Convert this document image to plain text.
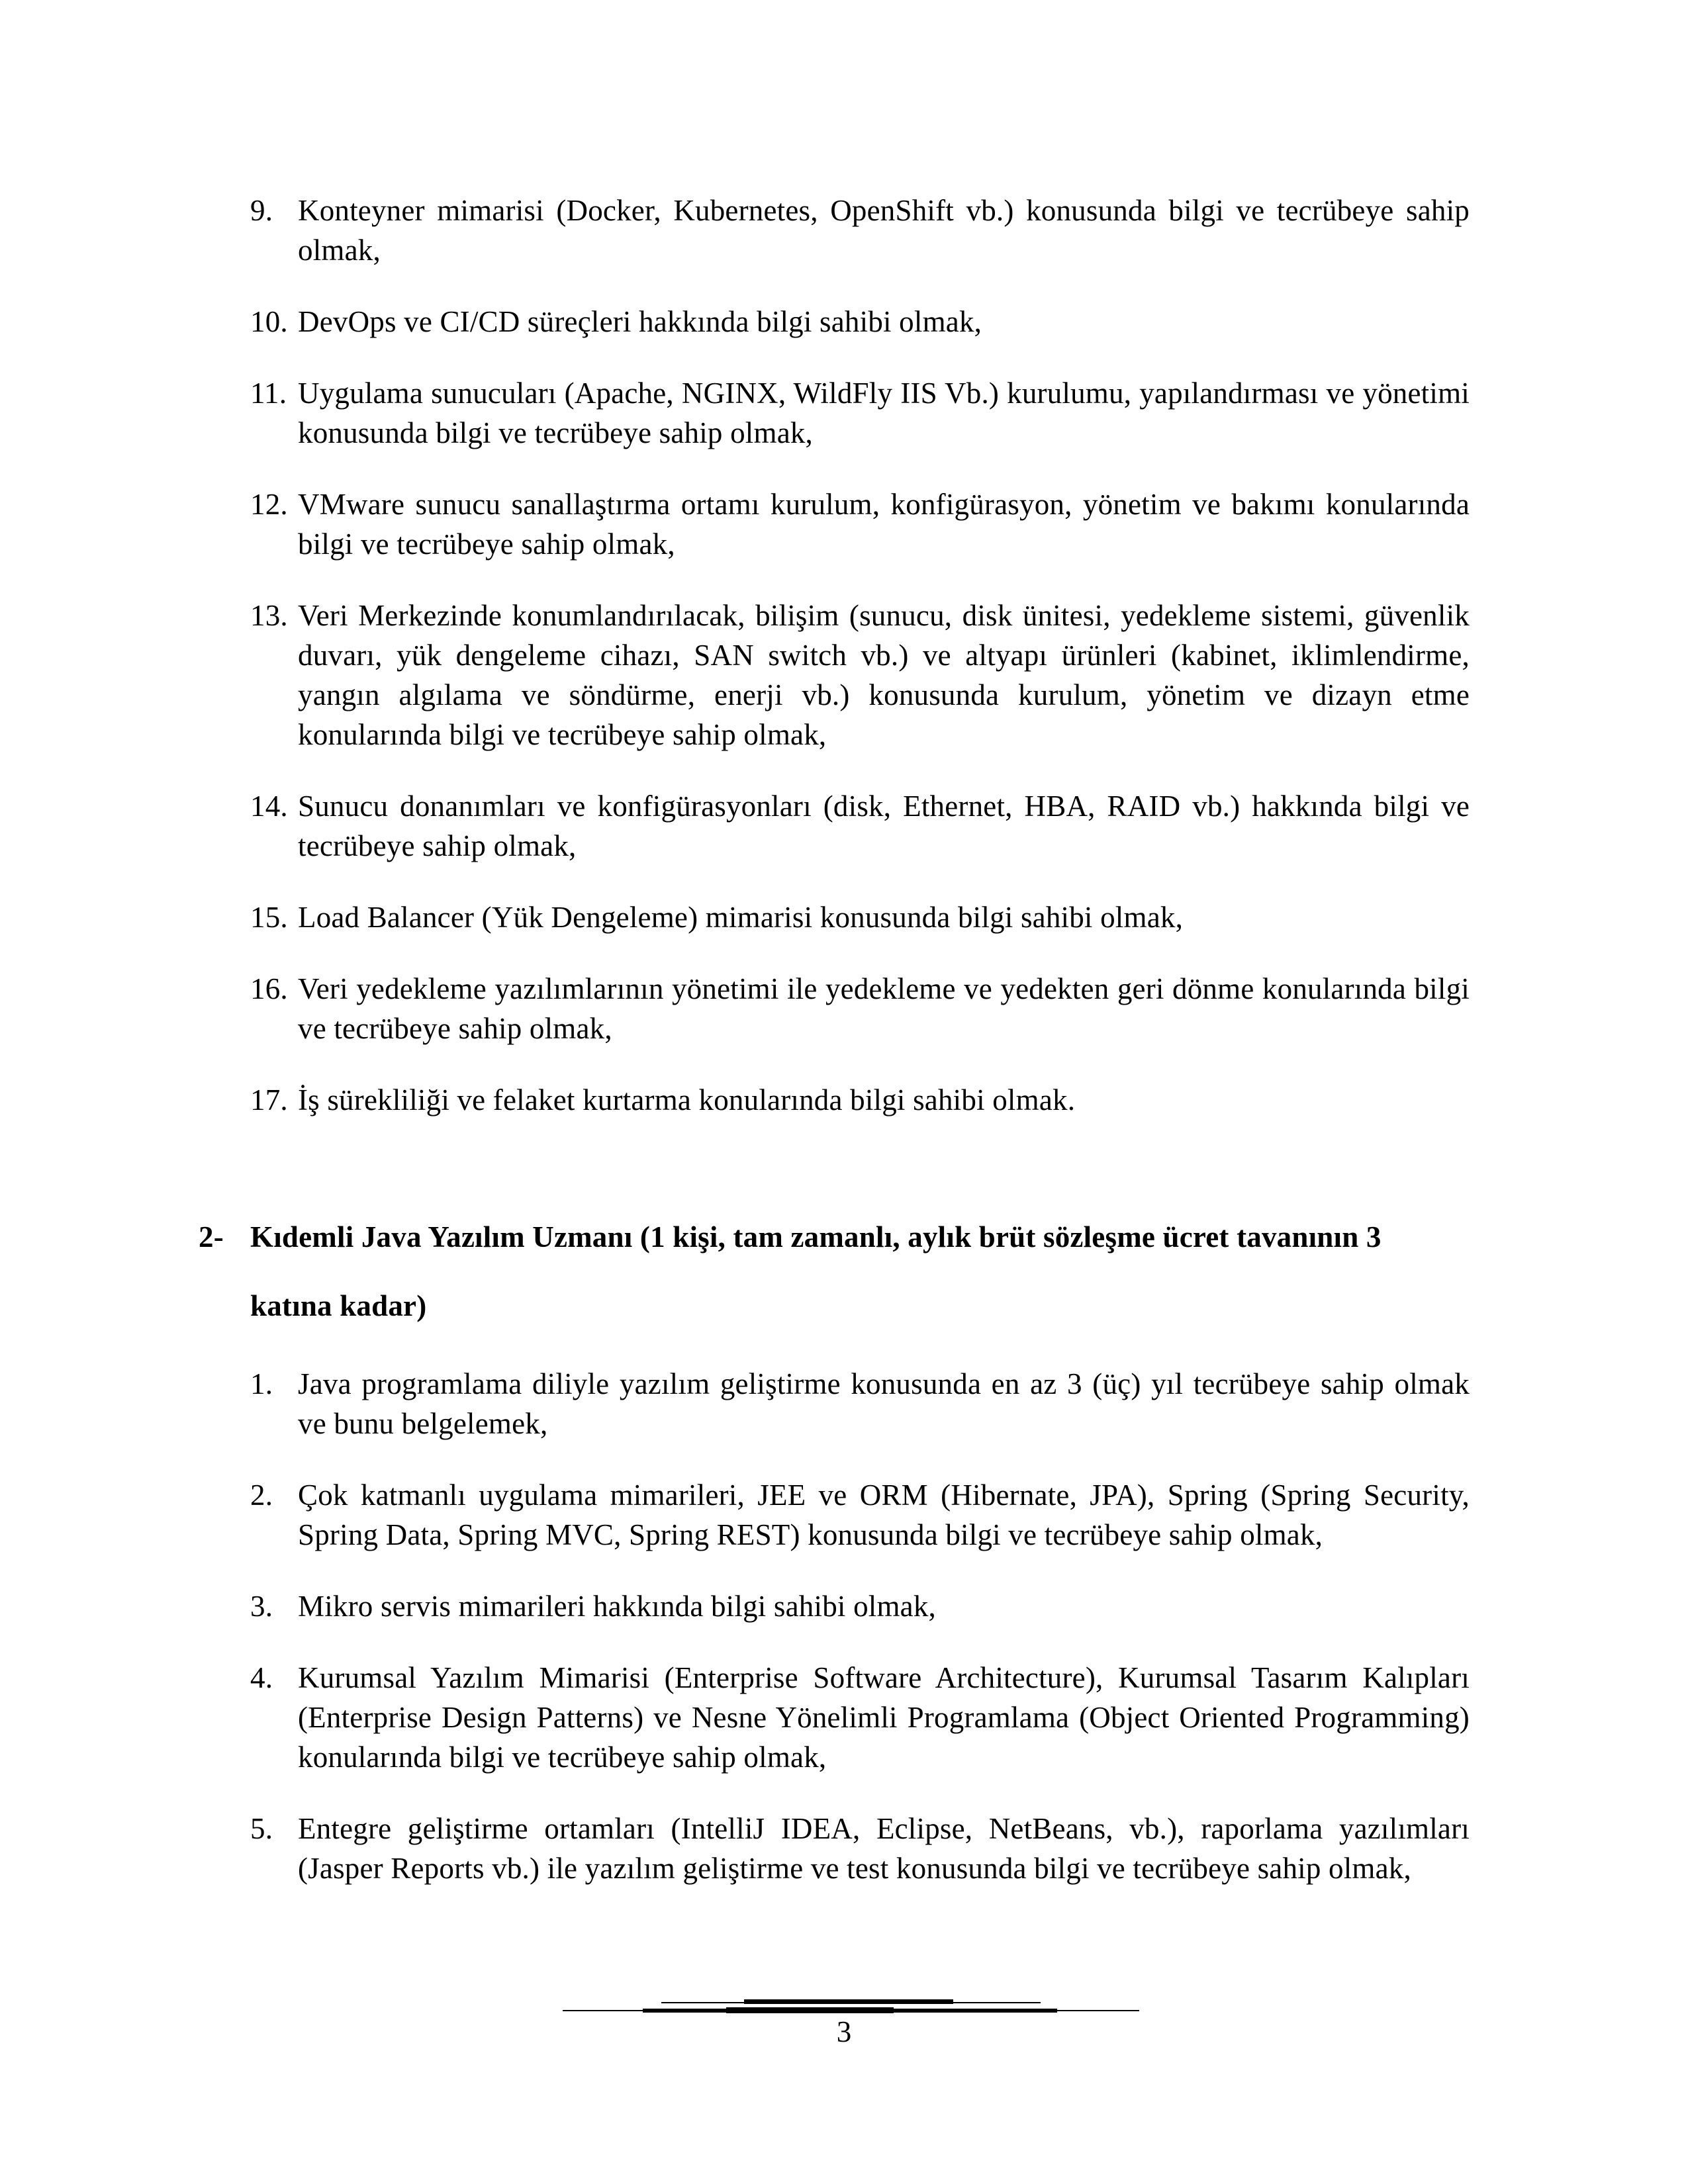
9. Konteyner mimarisi (Docker, Kubernetes, OpenShift vb.) konusunda bilgi ve tecrübeye sahip olmak,
10. DevOps ve CI/CD süreçleri hakkında bilgi sahibi olmak,
11. Uygulama sunucuları (Apache, NGINX, WildFly IIS Vb.) kurulumu, yapılandırması ve yönetimi konusunda bilgi ve tecrübeye sahip olmak,
12. VMware sunucu sanallaştırma ortamı kurulum, konfigürasyon, yönetim ve bakımı konularında bilgi ve tecrübeye sahip olmak,
13. Veri Merkezinde konumlandırılacak, bilişim (sunucu, disk ünitesi, yedekleme sistemi, güvenlik duvarı, yük dengeleme cihazı, SAN switch vb.) ve altyapı ürünleri (kabinet, iklimlendirme, yangın algılama ve söndürme, enerji vb.) konusunda kurulum, yönetim ve dizayn etme konularında bilgi ve tecrübeye sahip olmak,
14. Sunucu donanımları ve konfigürasyonları (disk, Ethernet, HBA, RAID vb.) hakkında bilgi ve tecrübeye sahip olmak,
15. Load Balancer (Yük Dengeleme) mimarisi konusunda bilgi sahibi olmak,
16. Veri yedekleme yazılımlarının yönetimi ile yedekleme ve yedekten geri dönme konularında bilgi ve tecrübeye sahip olmak,
17. İş sürekliliği ve felaket kurtarma konularında bilgi sahibi olmak.
2- Kıdemli Java Yazılım Uzmanı (1 kişi, tam zamanlı, aylık brüt sözleşme ücret tavanının 3 katına kadar)
1. Java programlama diliyle yazılım geliştirme konusunda en az 3 (üç) yıl tecrübeye sahip olmak ve bunu belgelemek,
2. Çok katmanlı uygulama mimarileri, JEE ve ORM (Hibernate, JPA), Spring (Spring Security, Spring Data, Spring MVC, Spring REST) konusunda bilgi ve tecrübeye sahip olmak,
3. Mikro servis mimarileri hakkında bilgi sahibi olmak,
4. Kurumsal Yazılım Mimarisi (Enterprise Software Architecture), Kurumsal Tasarım Kalıpları (Enterprise Design Patterns) ve Nesne Yönelimli Programlama (Object Oriented Programming) konularında bilgi ve tecrübeye sahip olmak,
5. Entegre geliştirme ortamları (IntelliJ IDEA, Eclipse, NetBeans, vb.), raporlama yazılımları (Jasper Reports vb.) ile yazılım geliştirme ve test konusunda bilgi ve tecrübeye sahip olmak,
3
